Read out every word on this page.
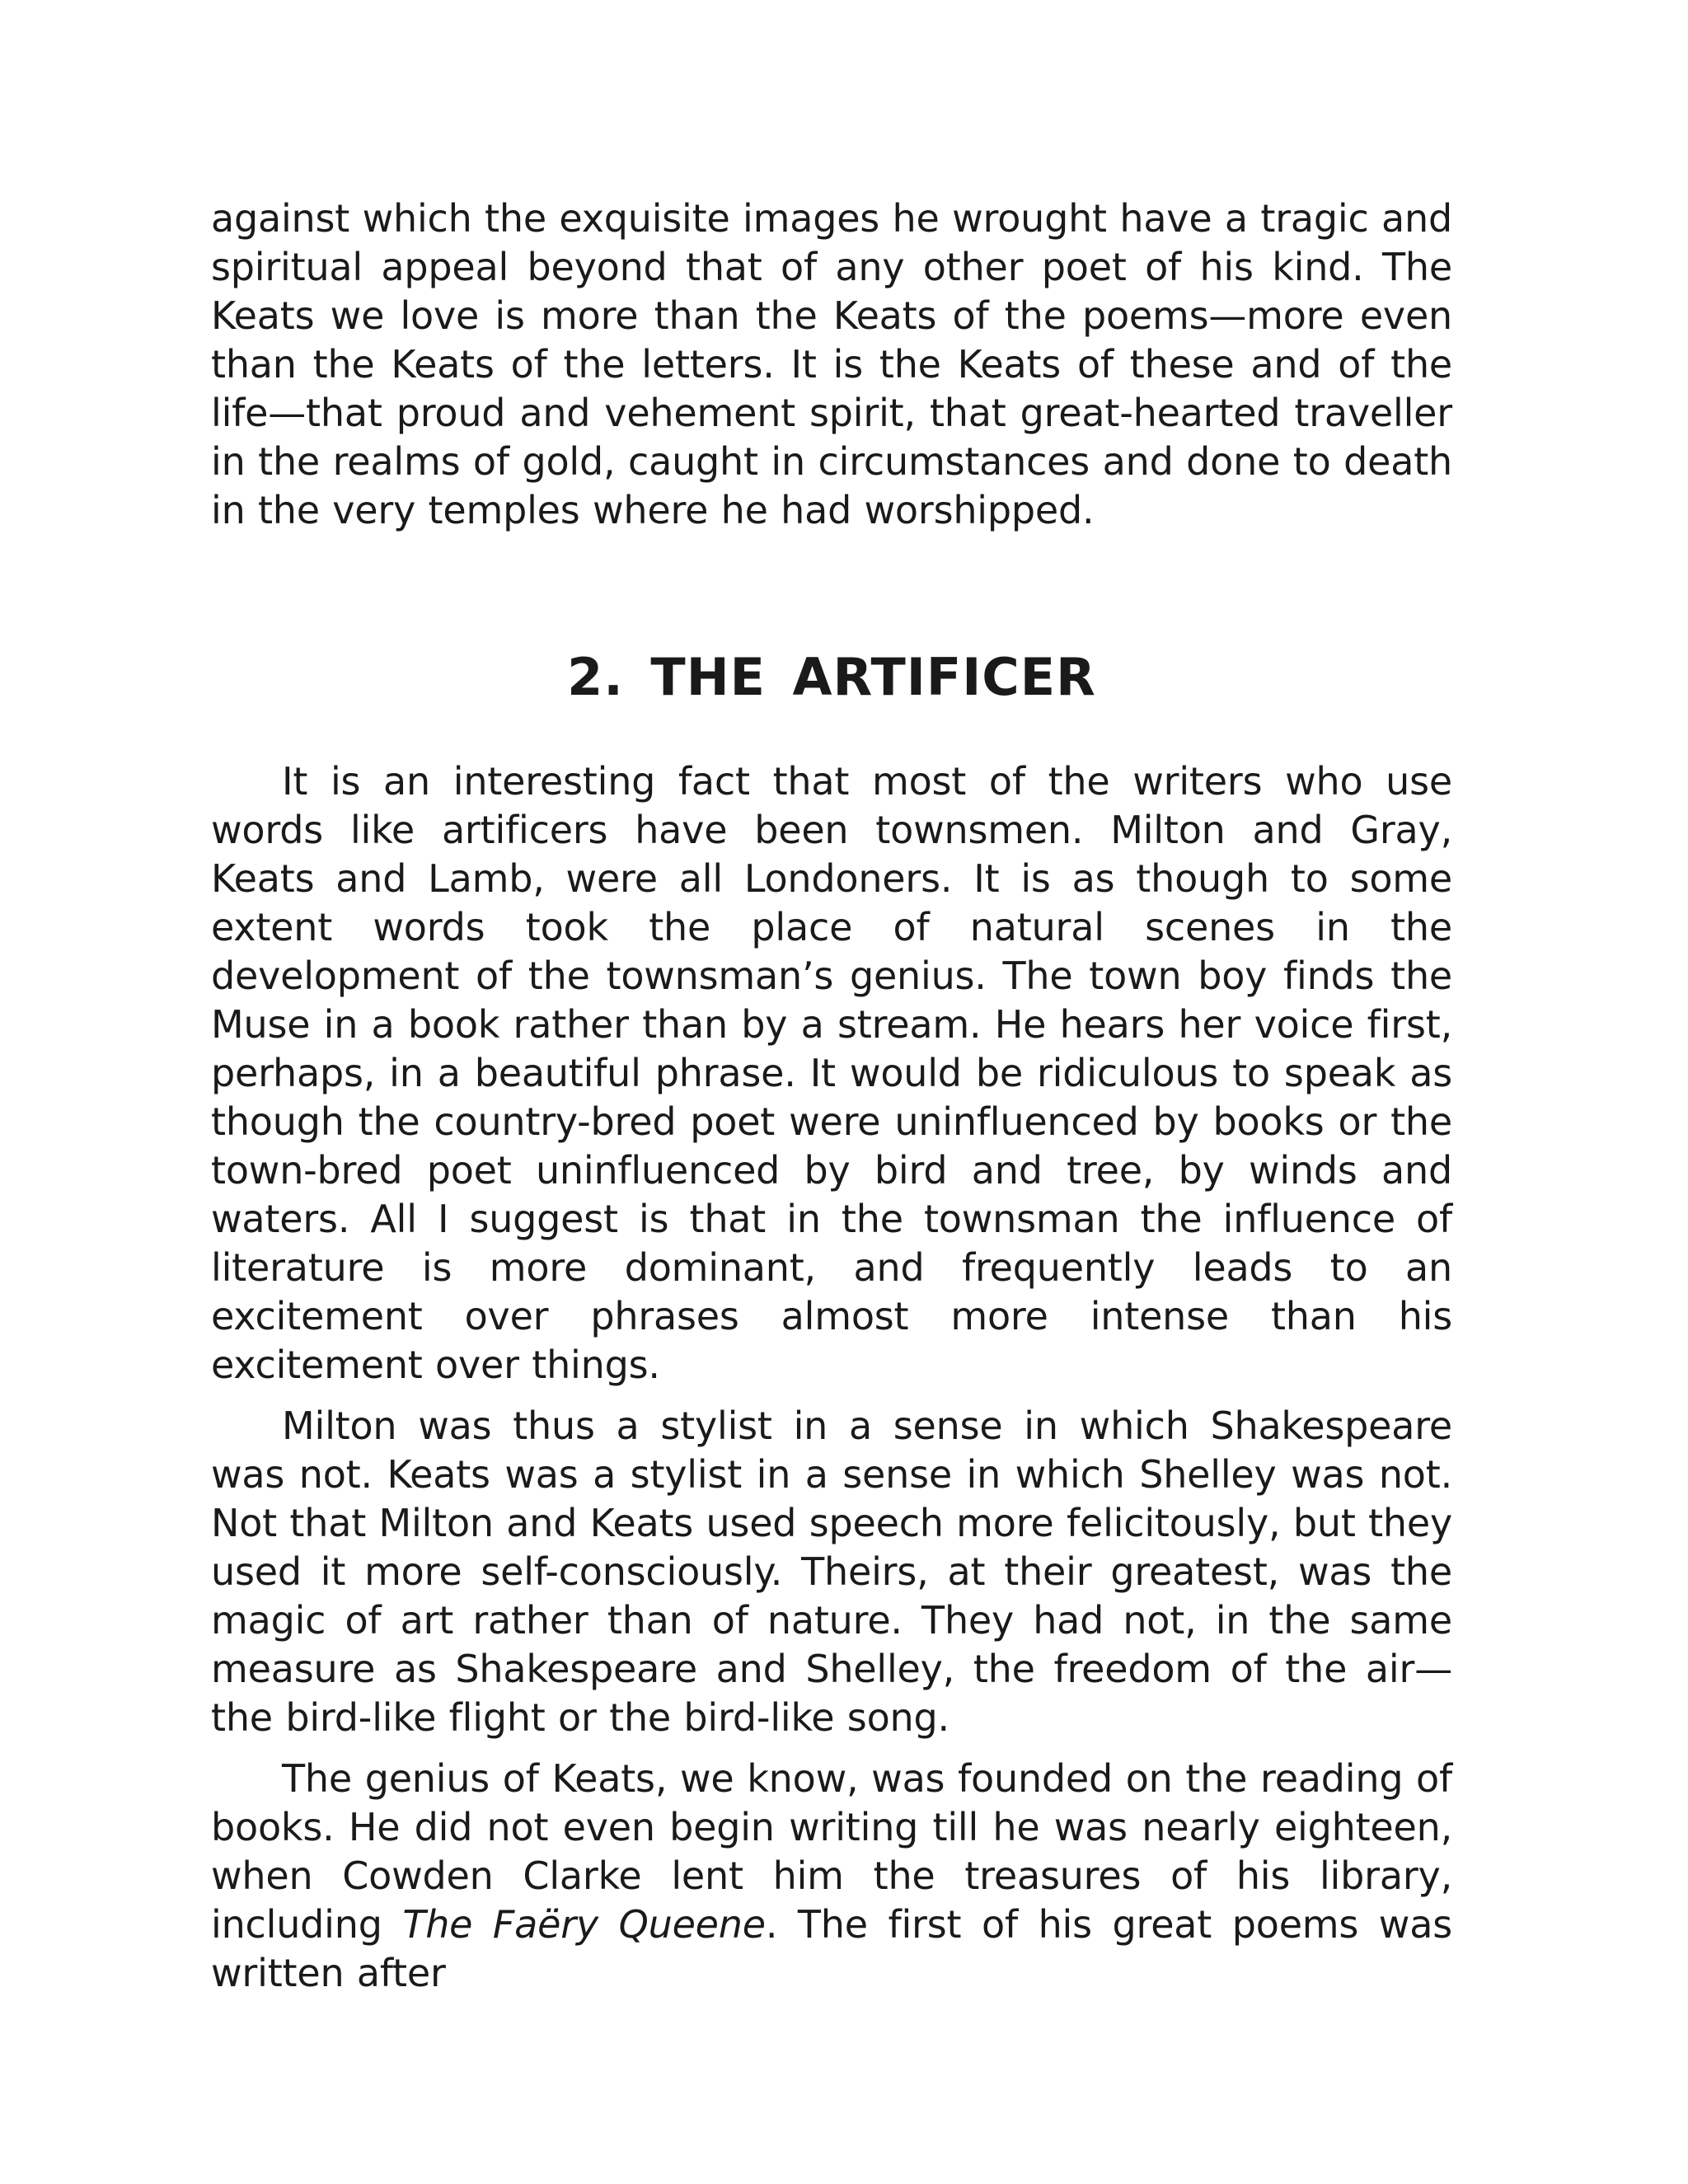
against which the exquisite images he wrought have a tragic and spiritual appeal beyond that of any other poet of his kind. The Keats we love is more than the Keats of the poems—more even than the Keats of the letters. It is the Keats of these and of the life—that proud and vehement spirit, that great-hearted traveller in the realms of gold, caught in circumstances and done to death in the very temples where he had worshipped.

2. THE ARTIFICER

It is an interesting fact that most of the writers who use words like artificers have been townsmen. Milton and Gray, Keats and Lamb, were all Londoners. It is as though to some extent words took the place of natural scenes in the development of the townsman’s genius. The town boy finds the Muse in a book rather than by a stream. He hears her voice first, perhaps, in a beautiful phrase. It would be ridiculous to speak as though the country-bred poet were uninfluenced by books or the town-bred poet uninfluenced by bird and tree, by winds and waters. All I suggest is that in the townsman the influence of literature is more dominant, and frequently leads to an excitement over phrases almost more intense than his excitement over things.

Milton was thus a stylist in a sense in which Shakespeare was not. Keats was a stylist in a sense in which Shelley was not. Not that Milton and Keats used speech more felicitously, but they used it more self-consciously. Theirs, at their greatest, was the magic of art rather than of nature. They had not, in the same measure as Shakespeare and Shelley, the freedom of the air—the bird-like flight or the bird-like song.

The genius of Keats, we know, was founded on the reading of books. He did not even begin writing till he was nearly eighteen, when Cowden Clarke lent him the treasures of his library, including The Faëry Queene. The first of his great poems was written after
